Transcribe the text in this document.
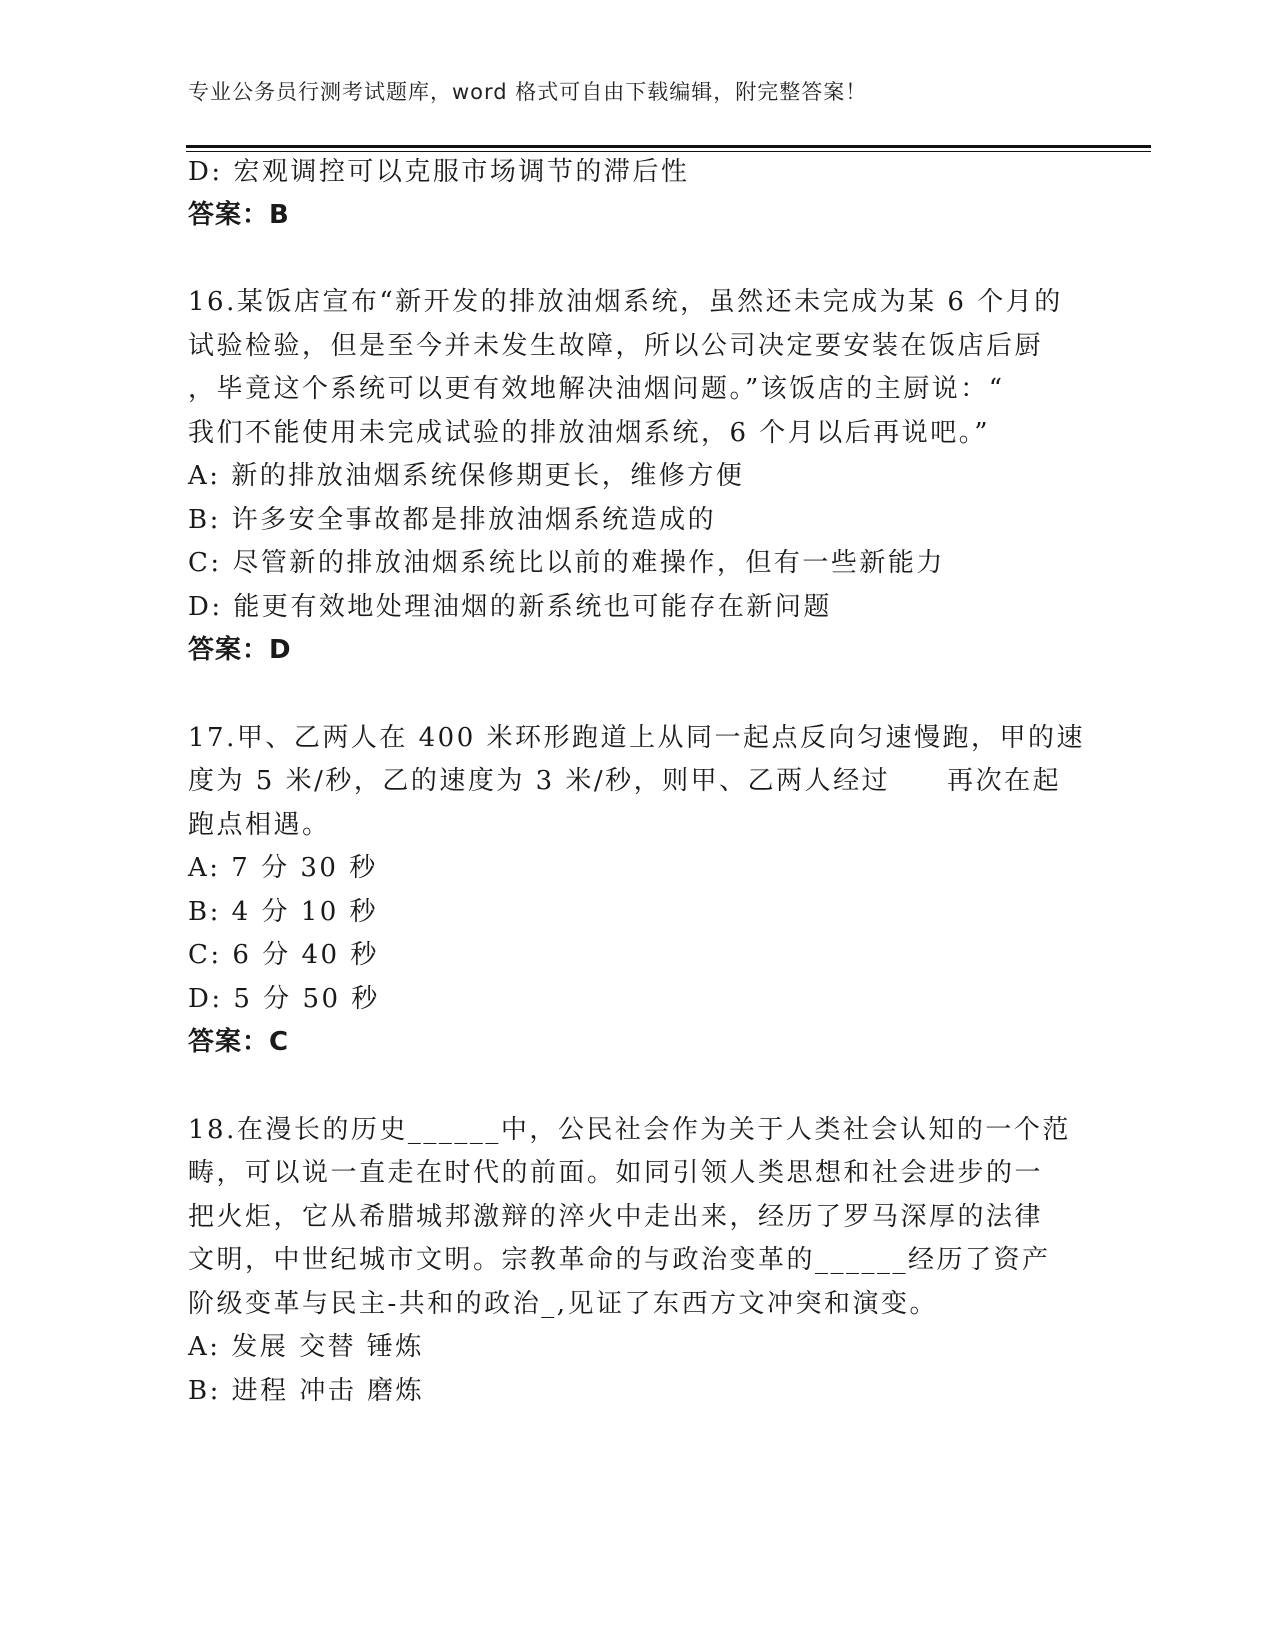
专业公务员行测考试题库，word 格式可自由下载编辑，附完整答案！
D: 宏观调控可以克服市场调节的滞后性
答案：B
16.某饭店宣布“新开发的排放油烟系统，虽然还未完成为某 6 个月的
试验检验，但是至今并未发生故障，所以公司决定要安装在饭店后厨
，毕竟这个系统可以更有效地解决油烟问题。”该饭店的主厨说：“
我们不能使用未完成试验的排放油烟系统，6 个月以后再说吧。”
A: 新的排放油烟系统保修期更长，维修方便
B: 许多安全事故都是排放油烟系统造成的
C: 尽管新的排放油烟系统比以前的难操作，但有一些新能力
D: 能更有效地处理油烟的新系统也可能存在新问题
答案：D
17.甲、乙两人在 400 米环形跑道上从同一起点反向匀速慢跑，甲的速
度为 5 米/秒，乙的速度为 3 米/秒，则甲、乙两人经过　　再次在起
跑点相遇。
A: 7 分 30 秒
B: 4 分 10 秒
C: 6 分 40 秒
D: 5 分 50 秒
答案：C
18.在漫长的历史______中，公民社会作为关于人类社会认知的一个范
畴，可以说一直走在时代的前面。如同引领人类思想和社会进步的一
把火炬，它从希腊城邦激辩的淬火中走出来，经历了罗马深厚的法律
文明，中世纪城市文明。宗教革命的与政治变革的______经历了资产
阶级变革与民主-共和的政治_,见证了东西方文冲突和演变。
A: 发展 交替 锤炼
B: 进程 冲击 磨炼
